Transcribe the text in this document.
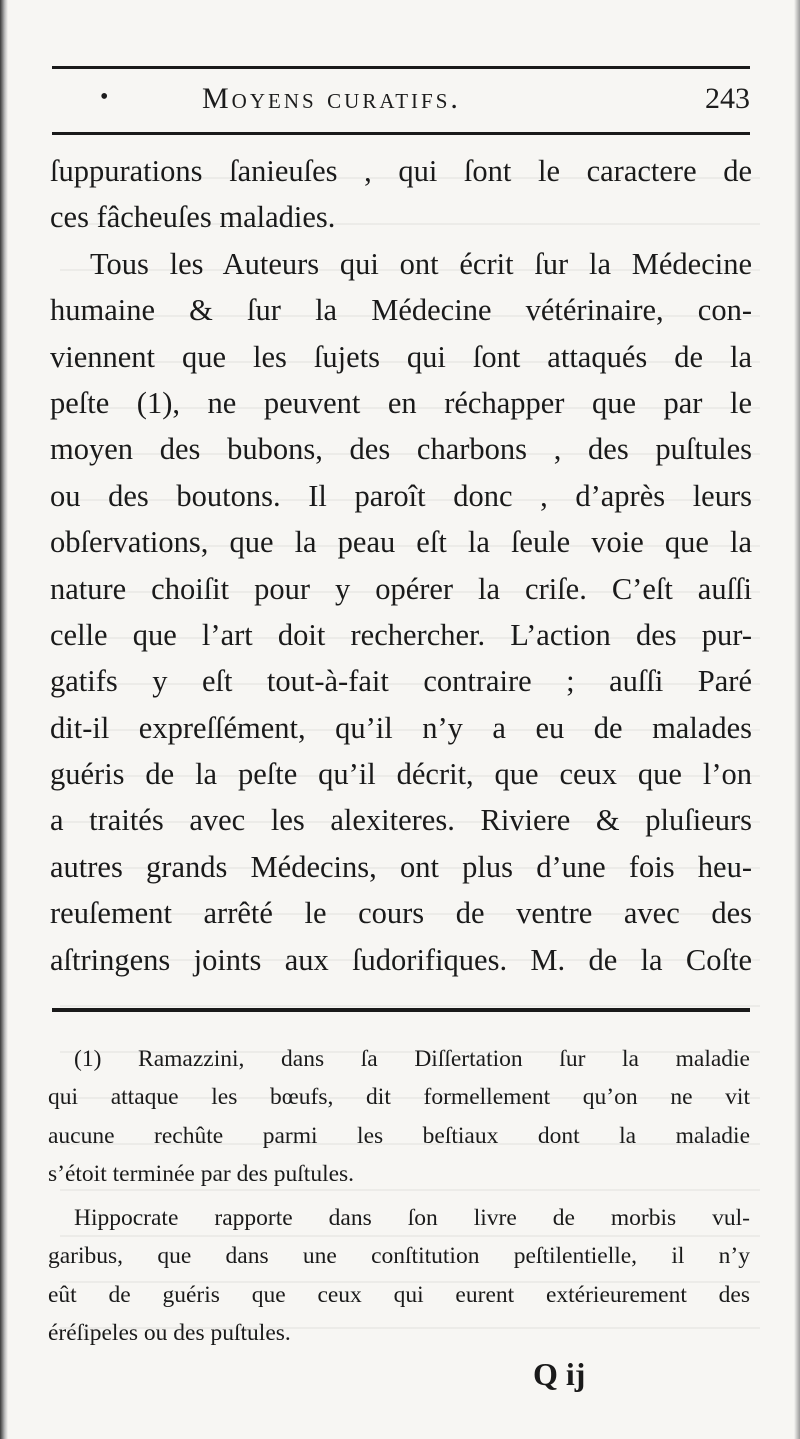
•	Moyens curatifs.	243
ſuppurations ſanieuſes , qui ſont le caractere de
ces fâcheuſes maladies.
Tous les Auteurs qui ont écrit ſur la Médecine
humaine & ſur la Médecine vétérinaire, con-
viennent que les ſujets qui ſont attaqués de la
peſte (1), ne peuvent en réchapper que par le
moyen des bubons, des charbons , des puſtules
ou des boutons. Il paroît donc , d’après leurs
obſervations, que la peau eſt la ſeule voie que la
nature choiſit pour y opérer la criſe. C’eſt auſſi
celle que l’art doit rechercher. L’action des pur-
gatifs y eſt tout-à-fait contraire ; auſſi Paré
dit-il expreſſément, qu’il n’y a eu de malades
guéris de la peſte qu’il décrit, que ceux que l’on
a traités avec les alexiteres. Riviere & pluſieurs
autres grands Médecins, ont plus d’une fois heu-
reuſement arrêté le cours de ventre avec des
aſtringens joints aux ſudorifiques. M. de la Coſte
(1) Ramazzini, dans ſa Diſſertation ſur la maladie
qui attaque les bœufs, dit formellement qu’on ne vit
aucune rechûte parmi les beſtiaux dont la maladie
s’étoit terminée par des puſtules.
Hippocrate rapporte dans ſon livre de morbis vul-
garibus, que dans une conſtitution peſtilentielle, il n’y
eût de guéris que ceux qui eurent extérieurement des
éréſipeles ou des puſtules.
Q ij
